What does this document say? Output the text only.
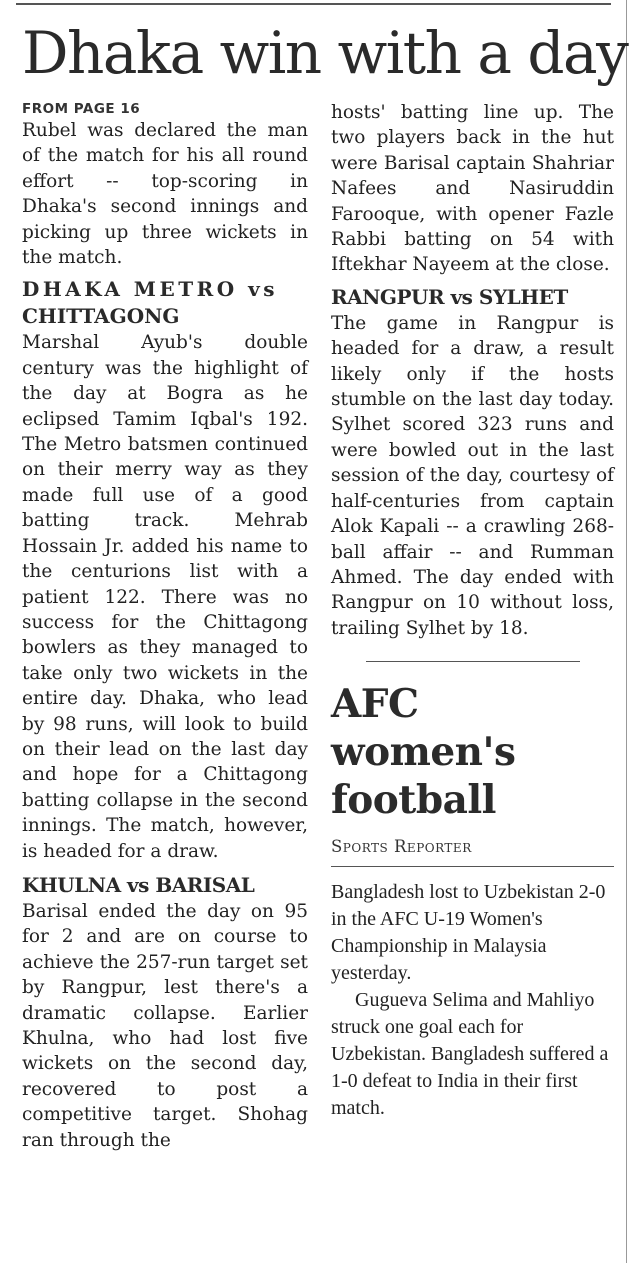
Dhaka win with a day
FROM PAGE 16

Rubel was declared the man of the match for his all round effort -- top-scoring in Dhaka's second innings and picking up three wickets in the match.

DHAKA METRO vs
CHITTAGONG

Marshal Ayub's double century was the highlight of the day at Bogra as he eclipsed Tamim Iqbal's 192. The Metro batsmen continued on their merry way as they made full use of a good batting track. Mehrab Hossain Jr. added his name to the centurions list with a patient 122. There was no success for the Chittagong bowlers as they managed to take only two wickets in the entire day. Dhaka, who lead by 98 runs, will look to build on their lead on the last day and hope for a Chittagong batting collapse in the second innings. The match, however, is headed for a draw.

KHULNA vs BARISAL

Barisal ended the day on 95 for 2 and are on course to achieve the 257-run target set by Rangpur, lest there's a dramatic collapse. Earlier Khulna, who had lost five wickets on the second day, recovered to post a competitive target. Shohag ran through the

hosts' batting line up. The two players back in the hut were Barisal captain Shahriar Nafees and Nasiruddin Farooque, with opener Fazle Rabbi batting on 54 with Iftekhar Nayeem at the close.

RANGPUR vs SYLHET

The game in Rangpur is headed for a draw, a result likely only if the hosts stumble on the last day today. Sylhet scored 323 runs and were bowled out in the last session of the day, courtesy of half-centuries from captain Alok Kapali -- a crawling 268-ball affair -- and Rumman Ahmed. The day ended with Rangpur on 10 without loss, trailing Sylhet by 18.

AFC women's
football
Sports Reporter

Bangladesh lost to Uzbekistan 2-0 in the AFC U-19 Women's Championship in Malaysia yesterday.

Gugueva Selima and Mahliyo struck one goal each for Uzbekistan. Bangladesh suffered a 1-0 defeat to India in their first match.
